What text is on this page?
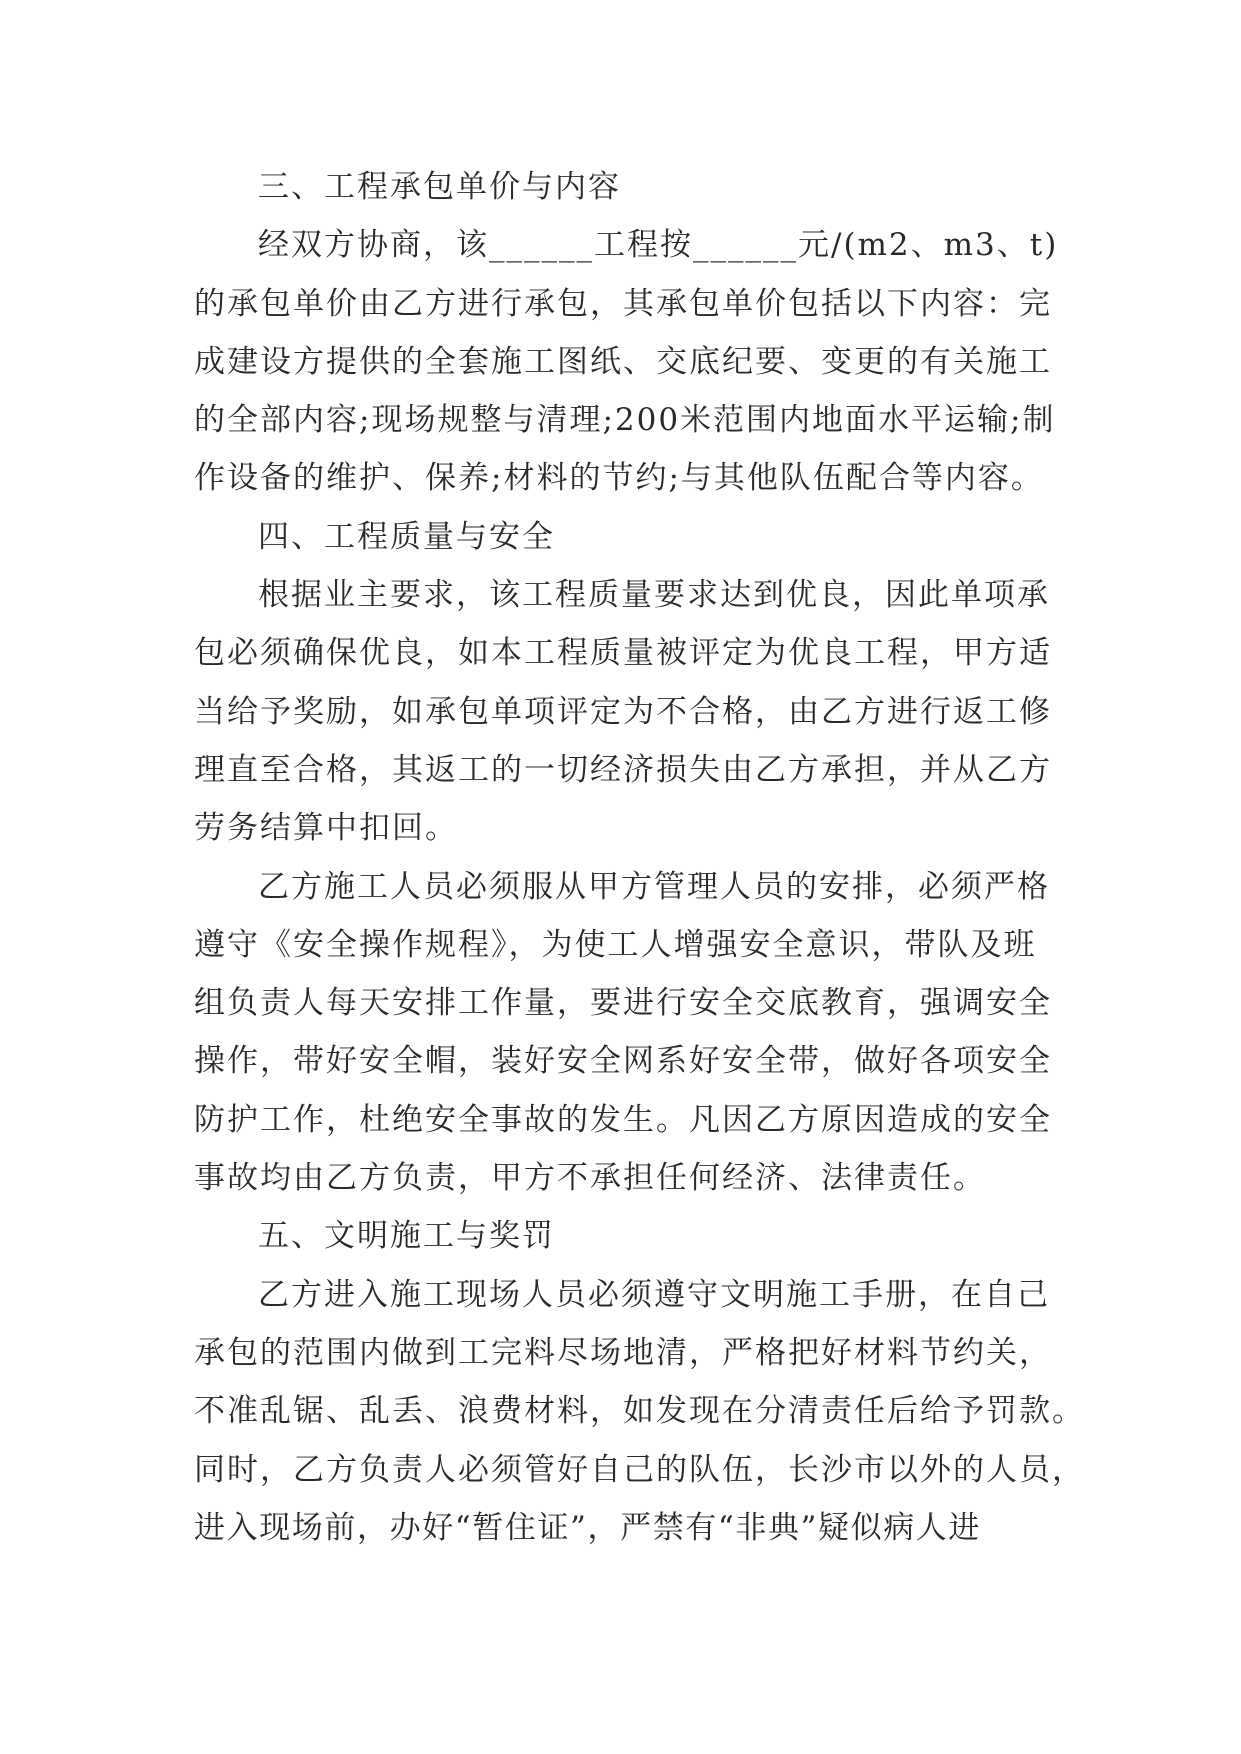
三、工程承包单价与内容
经双方协商，该______工程按______元/(m2、m3、t)
的承包单价由乙方进行承包，其承包单价包括以下内容：完
成建设方提供的全套施工图纸、交底纪要、变更的有关施工
的全部内容;现场规整与清理;200米范围内地面水平运输;制
作设备的维护、保养;材料的节约;与其他队伍配合等内容。
四、工程质量与安全
根据业主要求，该工程质量要求达到优良，因此单项承
包必须确保优良，如本工程质量被评定为优良工程，甲方适
当给予奖励，如承包单项评定为不合格，由乙方进行返工修
理直至合格，其返工的一切经济损失由乙方承担，并从乙方
劳务结算中扣回。
乙方施工人员必须服从甲方管理人员的安排，必须严格
遵守《安全操作规程》，为使工人增强安全意识，带队及班
组负责人每天安排工作量，要进行安全交底教育，强调安全
操作，带好安全帽，装好安全网系好安全带，做好各项安全
防护工作，杜绝安全事故的发生。凡因乙方原因造成的安全
事故均由乙方负责，甲方不承担任何经济、法律责任。
五、文明施工与奖罚
乙方进入施工现场人员必须遵守文明施工手册，在自己
承包的范围内做到工完料尽场地清，严格把好材料节约关，
不准乱锯、乱丢、浪费材料，如发现在分清责任后给予罚款。
同时，乙方负责人必须管好自己的队伍，长沙市以外的人员，
进入现场前，办好“暂住证”，严禁有“非典”疑似病人进
